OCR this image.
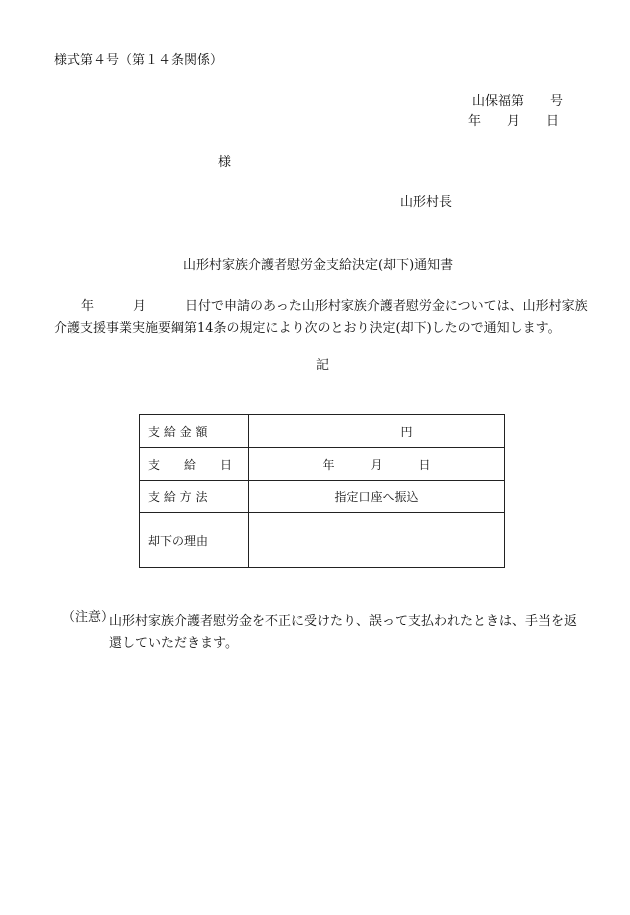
様式第４号（第１４条関係）
山保福第　　号
年　　月　　日
様
山形村長
山形村家族介護者慰労金支給決定(却下)通知書
年　　　月　　　日付で申請のあった山形村家族介護者慰労金については、山形村家族
介護支援事業実施要綱第14条の規定により次のとおり決定(却下)したので通知します。
記
支 給 金 額	円
支　　給　　日	年　　　月　　　日
支 給 方 法	指定口座へ振込
却下の理由	
（注意）
山形村家族介護者慰労金を不正に受けたり、誤って支払われたときは、手当を返
還していただきます。
